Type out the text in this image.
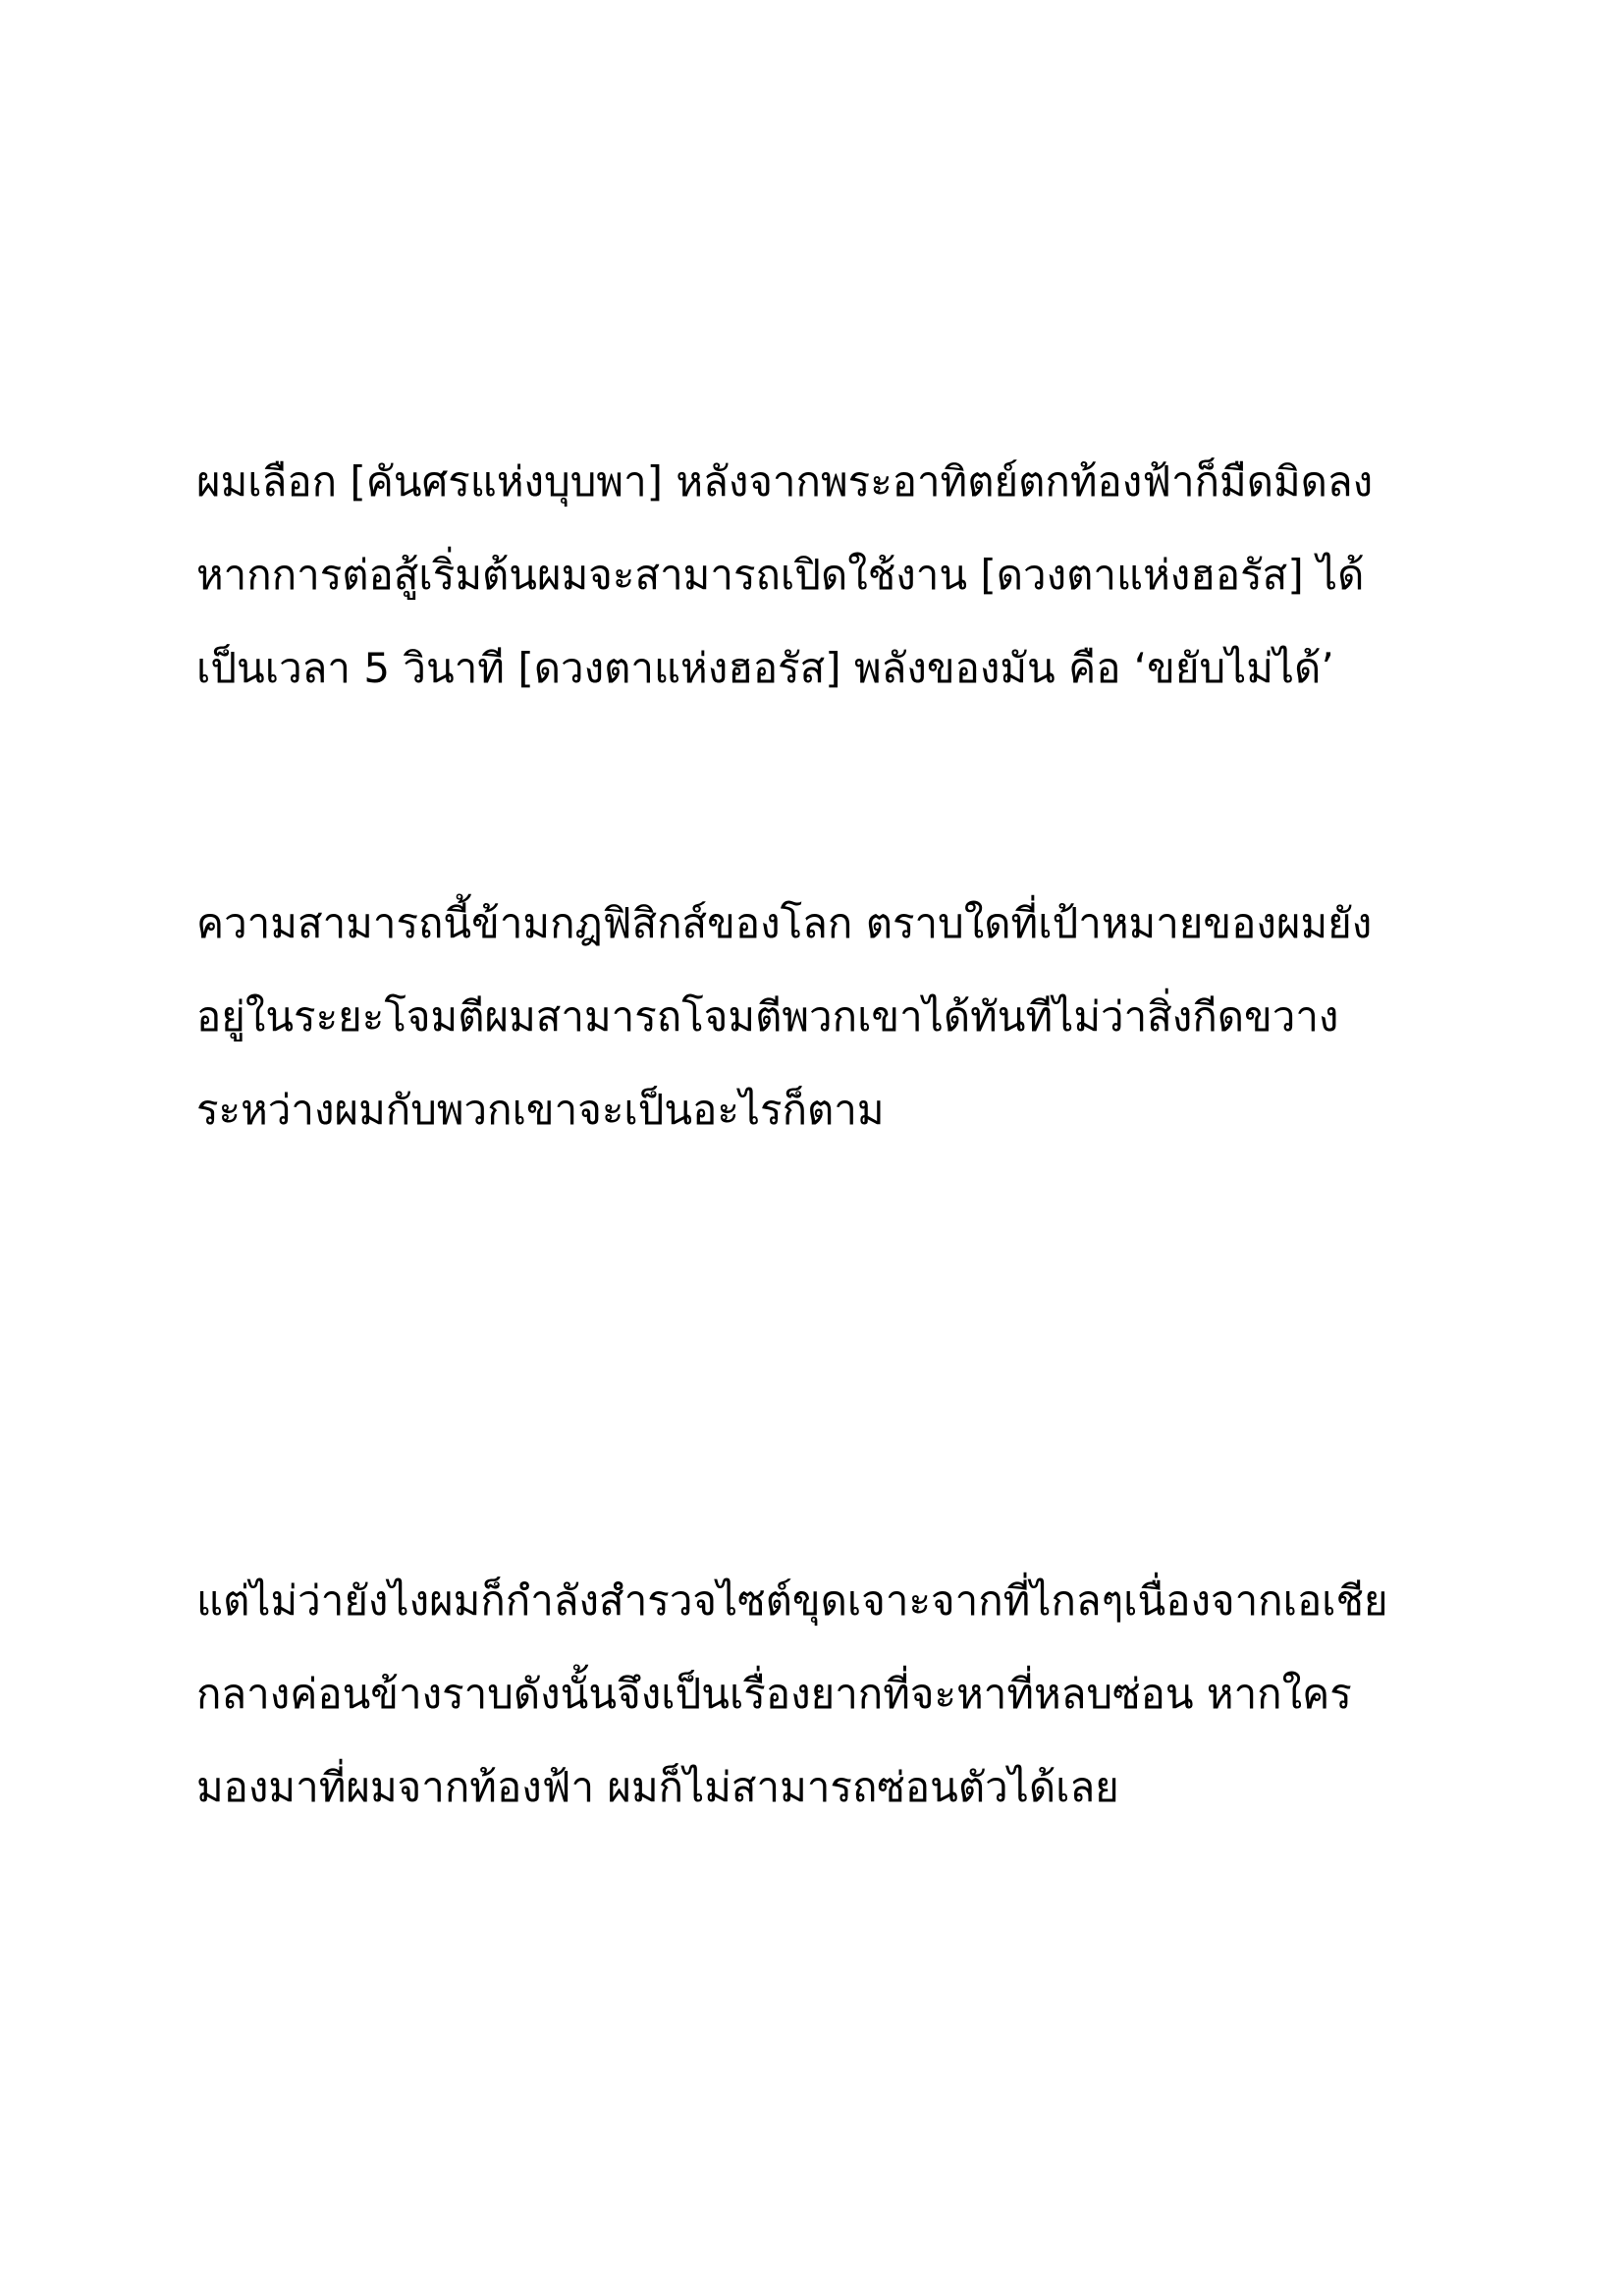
ผมเลือก [คันศรแห่งบุบพา] หลังจากพระอาทิตย์ตกท้องฟ้าก็มืดมิดลง
หากการต่อสู้เริ่มต้นผมจะสามารถเปิดใช้งาน [ดวงตาแห่งฮอรัส] ได้
เป็นเวลา 5 วินาที [ดวงตาแห่งฮอรัส] พลังของมัน คือ ‘ขยับไม่ได้’
ความสามารถนี้ข้ามกฎฟิสิกส์ของโลก ตราบใดที่เป้าหมายของผมยัง
อยู่ในระยะโจมตีผมสามารถโจมตีพวกเขาได้ทันทีไม่ว่าสิ่งกีดขวาง
ระหว่างผมกับพวกเขาจะเป็นอะไรก็ตาม
แต่ไม่ว่ายังไงผมก็กำลังสำรวจไซต์ขุดเจาะจากที่ไกลๆเนื่องจากเอเชีย
กลางค่อนข้างราบดังนั้นจึงเป็นเรื่องยากที่จะหาที่หลบซ่อน หากใคร
มองมาที่ผมจากท้องฟ้า ผมก็ไม่สามารถซ่อนตัวได้เลย
